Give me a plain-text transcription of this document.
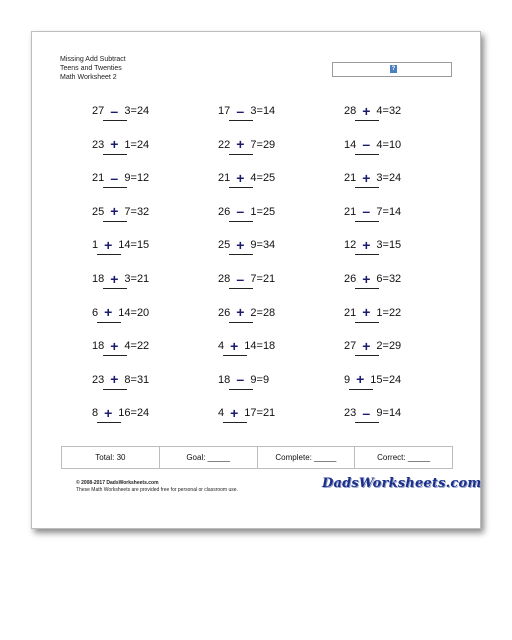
Missing Add Subtract
Teens and Twenties
Math Worksheet 2
?
27 – 3=24	17 – 3=14	28 + 4=32
23 + 1=24	22 + 7=29	14 – 4=10
21 – 9=12	21 + 4=25	21 + 3=24
25 + 7=32	26 – 1=25	21 – 7=14
1 + 14=15	25 + 9=34	12 + 3=15
18 + 3=21	28 – 7=21	26 + 6=32
6 + 14=20	26 + 2=28	21 + 1=22
18 + 4=22	4 + 14=18	27 + 2=29
23 + 8=31	18 – 9=9	9 + 15=24
8 + 16=24	4 + 17=21	23 – 9=14
Total: 30	Goal: _____	Complete: _____	Correct: _____
© 2008-2017 DadsWorksheets.com
These Math Worksheets are provided free for personal or classroom use.	DadsWorksheets.com
